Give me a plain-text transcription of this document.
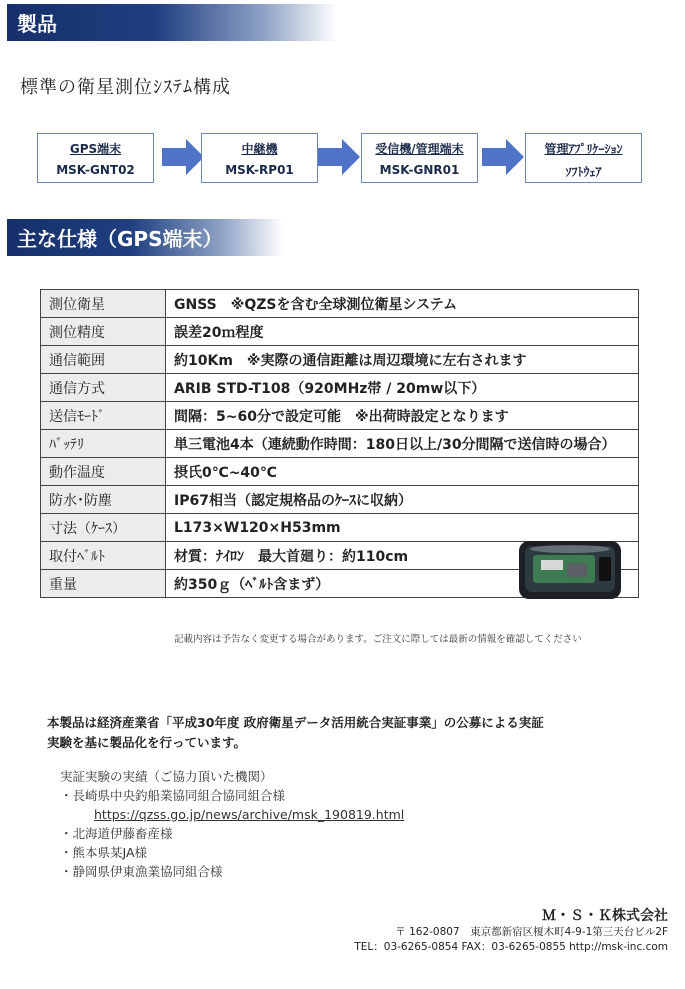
製品
標準の衛星測位ｼｽﾃﾑ構成
GPS端末
MSK-GNT02
中継機
MSK-RP01
受信機/管理端末
MSK-GNR01
管理ｱﾌﾟﾘｹｰｼｮﾝ
ｿﾌﾄｳｪｱ
主な仕様（GPS端末）
測位衛星	GNSS　※QZSを含む全球測位衛星システム
測位精度	誤差20ｍ程度
通信範囲	約10Km　※実際の通信距離は周辺環境に左右されます
通信方式	ARIB STD-T108（920MHz帯 / 20mw以下）
送信ﾓｰﾄﾞ	間隔：5~60分で設定可能　※出荷時設定となります
ﾊﾞｯﾃﾘ	単三電池4本（連続動作時間：180日以上/30分間隔で送信時の場合）
動作温度	摂氏0℃~40℃
防水･防塵	IP67相当（認定規格品のｹｰｽに収納）
寸法（ｹｰｽ）	L173×W120×H53mm
取付ﾍﾞﾙﾄ	材質：ﾅｲﾛﾝ　最大首廻り：約110cm
重量	約350ｇ（ﾍﾞﾙﾄ含まず）
記載内容は予告なく変更する場合があります。ご注文に際しては最新の情報を確認してください
本製品は経済産業省「平成30年度 政府衛星データ活用統合実証事業」の公募による実証
実験を基に製品化を行っています。
実証実験の実績（ご協力頂いた機関）
・長崎県中央釣船業協同組合協同組合様
https://qzss.go.jp/news/archive/msk_190819.html
・北海道伊藤畜産様
・熊本県某JA様
・静岡県伊東漁業協同組合様
Ｍ・Ｓ・Ｋ株式会社
〒 162-0807　東京都新宿区榎木町4-9-1第三天台ビル2F
TEL：03-6265-0854 FAX：03-6265-0855 http://msk-inc.com
